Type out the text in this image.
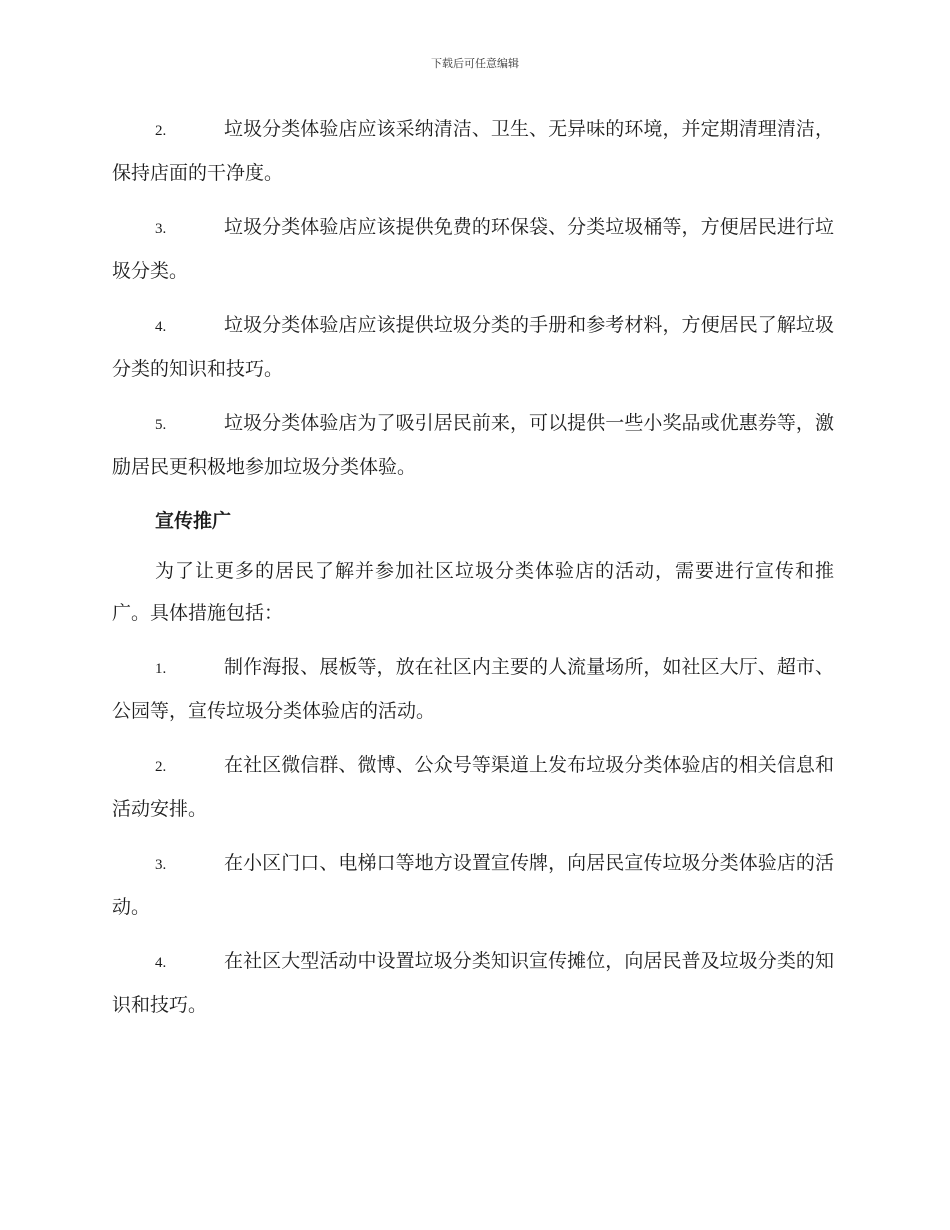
下载后可任意编辑
2.	垃圾分类体验店应该采纳清洁、卫生、无异味的环境，并定期清理清洁，保持店面的干净度。
3.	垃圾分类体验店应该提供免费的环保袋、分类垃圾桶等，方便居民进行垃圾分类。
4.	垃圾分类体验店应该提供垃圾分类的手册和参考材料，方便居民了解垃圾分类的知识和技巧。
5.	垃圾分类体验店为了吸引居民前来，可以提供一些小奖品或优惠券等，激励居民更积极地参加垃圾分类体验。
宣传推广
为了让更多的居民了解并参加社区垃圾分类体验店的活动，需要进行宣传和推广。具体措施包括：
1.	制作海报、展板等，放在社区内主要的人流量场所，如社区大厅、超市、公园等，宣传垃圾分类体验店的活动。
2.	在社区微信群、微博、公众号等渠道上发布垃圾分类体验店的相关信息和活动安排。
3.	在小区门口、电梯口等地方设置宣传牌，向居民宣传垃圾分类体验店的活动。
4.	在社区大型活动中设置垃圾分类知识宣传摊位，向居民普及垃圾分类的知识和技巧。
